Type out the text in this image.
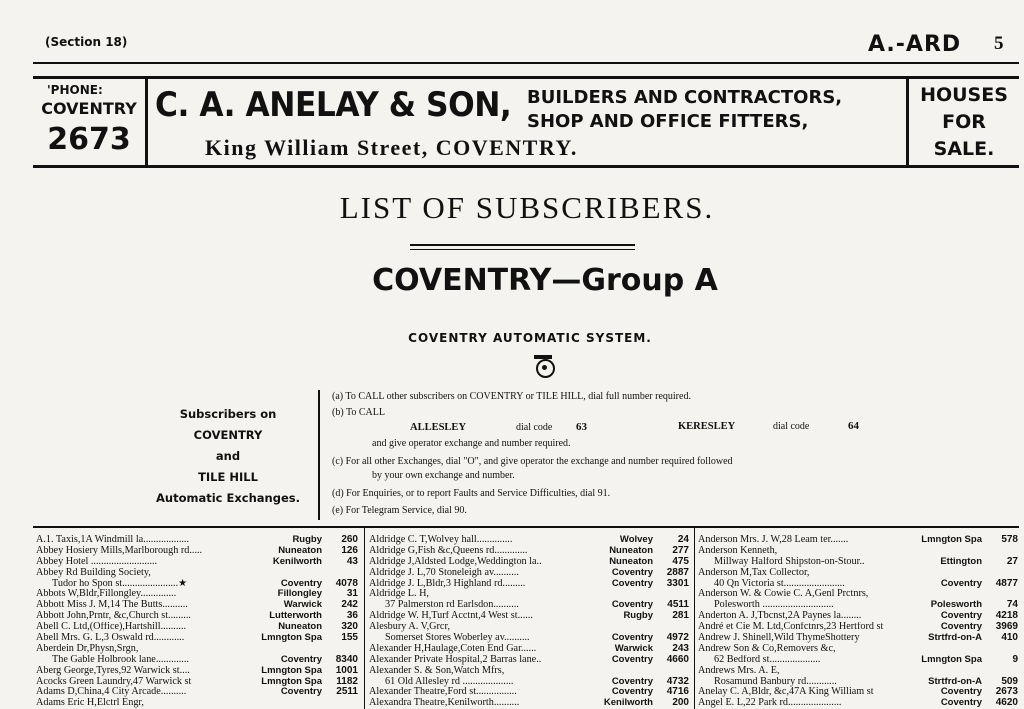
(Section 18)	A.-ARD 5
'PHONE:
COVENTRY
2673
C. A. ANELAY & SON, BUILDERS AND CONTRACTORS,
SHOP AND OFFICE FITTERS,
King William Street, COVENTRY.
HOUSES
FOR
SALE.
LIST OF SUBSCRIBERS.
COVENTRY—Group A
COVENTRY AUTOMATIC SYSTEM.
Subscribers on
COVENTRY
and
TILE HILL
Automatic Exchanges.
(a) To CALL other subscribers on COVENTRY or TILE HILL, dial full number required.
(b) To CALL
ALLESLEY	dial code 63	KERESLEY	dial code	64
and give operator exchange and number required.
(c) For all other Exchanges, dial "O", and give operator the exchange and number required followed
by your own exchange and number.
(d) For Enquiries, or to report Faults and Service Difficulties, dial 91.
(e) For Telegram Service, dial 90.
A.1. Taxis,1A Windmill la..................	Rugby	260
Abbey Hosiery Mills,Marlborough rd.....	Nuneaton	126
Abbey Hotel ..........................	Kenilworth	43
Abbey Rd Building Society,
Tudor ho Spon st......................★	Coventry	4078
Abbots W,Bldr,Fillongley..............	Fillongley	31
Abbott Miss J. M,14 The Butts..........	Warwick	242
Abbott John,Prntr, &c,Church st.........	Lutterworth	36
Abell C. Ltd,(Office),Hartshill..........	Nuneaton	320
Abell Mrs. G. L,3 Oswald rd............	Lmngton Spa	155
Aberdein Dr,Physn,Srgn,
The Gable Holbrook lane.............	Coventry	8340
Aberg George,Tyres,92 Warwick st....	Lmngton Spa	1001
Acocks Green Laundry,47 Warwick st	Lmngton Spa	1182
Adams D,China,4 City Arcade..........	Coventry	2511
Adams Eric H,Elctrl Engr,
Aldridge C. T,Wolvey hall..............	Wolvey	24
Aldridge G,Fish &c,Queens rd.............	Nuneaton	277
Aldridge J,Aldsted Lodge,Weddington la..	Nuneaton	475
Aldridge J. L,70 Stoneleigh av..........	Coventry	2887
Aldridge J. L,Bldr,3 Highland rd.........	Coventry	3301
Aldridge L. H,
37 Palmerston rd Earlsdon..........	Coventry	4511
Aldridge W. H,Turf Acctnt,4 West st......	Rugby	281
Alesbury A. V,Grcr,
Somerset Stores Woberley av..........	Coventry	4972
Alexander H,Haulage,Coten End Gar......	Warwick	243
Alexander Private Hospital,2 Barras lane..	Coventry	4660
Alexander S. & Son,Watch Mfrs,
61 Old Allesley rd ....................	Coventry	4732
Alexander Theatre,Ford st................	Coventry	4716
Alexandra Theatre,Kenilworth..........	Kenilworth	200
Anderson Mrs. J. W,28 Leam ter.......	Lmngton Spa	578
Anderson Kenneth,
Millway Halford Shipston-on-Stour..	Ettington	27
Anderson M,Tax Collector,
40 Qn Victoria st........................	Coventry	4877
Anderson W. & Cowie C. A,Genl Prctnrs,
Polesworth ............................	Polesworth	74
Anderton A. J,Tbcnst,2A Paynes la........	Coventry	4218
André et Cie M. Ltd,Confctnrs,23 Hertford st	Coventry	3969
Andrew J. Shinell,Wild ThymeShottery	Strtfrd-on-A	410
Andrew Son & Co,Removers &c,
62 Bedford st....................	Lmngton Spa	9
Andrews Mrs. A. E,
Rosamund Banbury rd............	Strtfrd-on-A	509
Anelay C. A,Bldr, &c,47A King William st	Coventry	2673
Angel E. L,22 Park rd.....................	Coventry	4620
